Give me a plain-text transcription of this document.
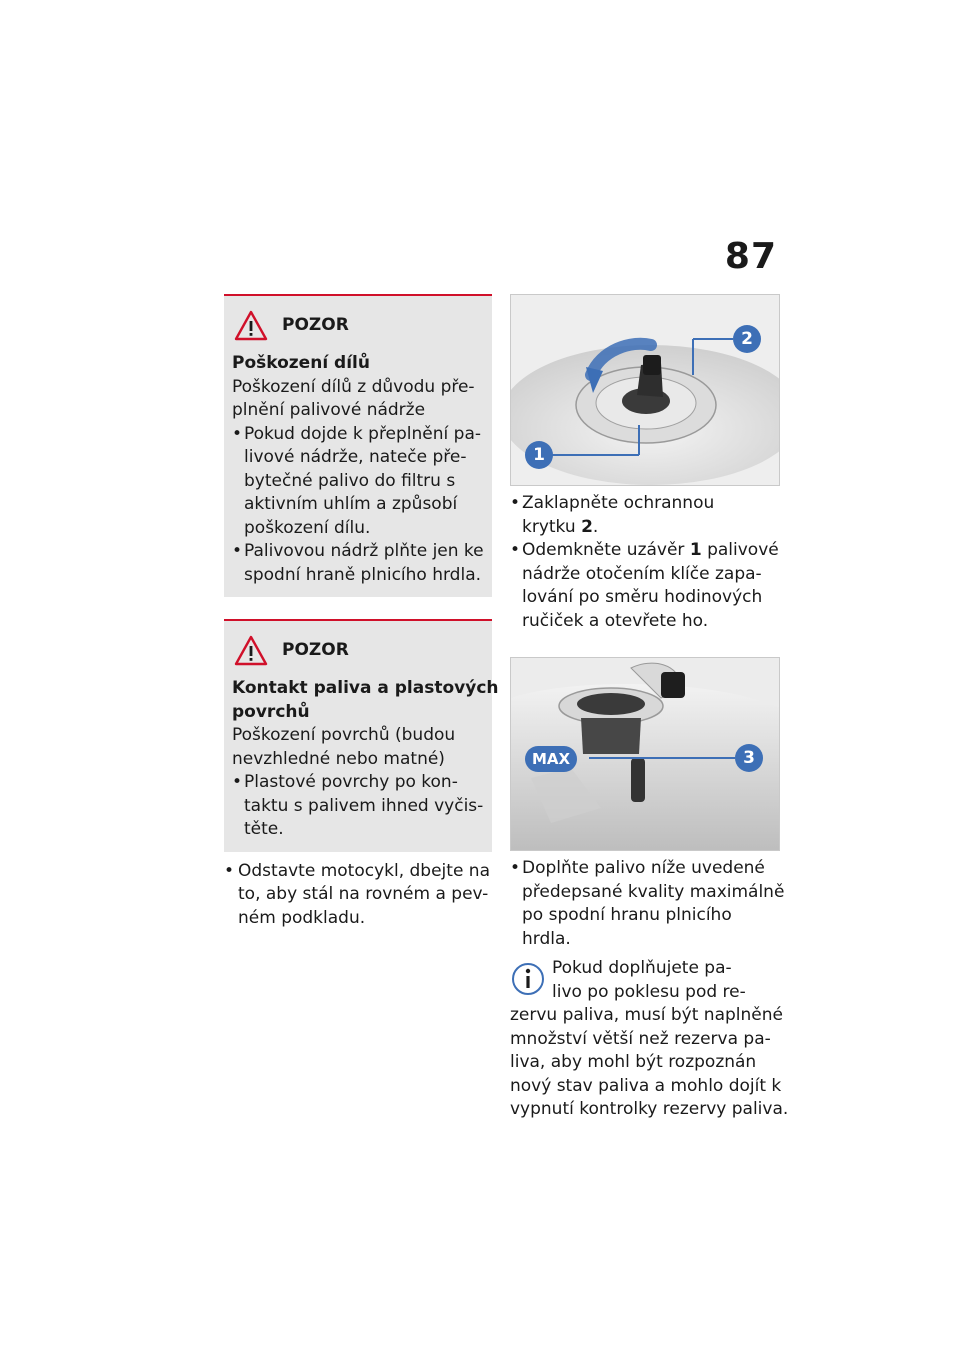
87
POZOR
Poškození dílů
Poškození dílů z důvodu pře-
plnění palivové nádrže
• Pokud dojde k přeplnění pa-
livové nádrže, nateče pře-
bytečné palivo do filtru s
aktivním uhlím a způsobí
poškození dílu.
• Palivovou nádrž plňte jen ke
spodní hraně plnicího hrdla.
POZOR
Kontakt paliva a plastových
povrchů
Poškození povrchů (budou
nevzhledné nebo matné)
• Plastové povrchy po kon-
taktu s palivem ihned vyčis-
těte.
• Odstavte motocykl, dbejte na
to, aby stál na rovném a pev-
ném podkladu.
1
2
• Zaklapněte ochrannou
krytku 2.
• Odemkněte uzávěr 1 palivové
nádrže otočením klíče zapa-
lování po směru hodinových
ručiček a otevřete ho.
MAX	3
• Doplňte palivo níže uvedené
předepsané kvality maximálně
po spodní hranu plnicího
hrdla.
Pokud doplňujete pa-
livo po poklesu pod re-
zervu paliva, musí být naplněné
množství větší než rezerva pa-
liva, aby mohl být rozpoznán
nový stav paliva a mohlo dojít k
vypnutí kontrolky rezervy paliva.
